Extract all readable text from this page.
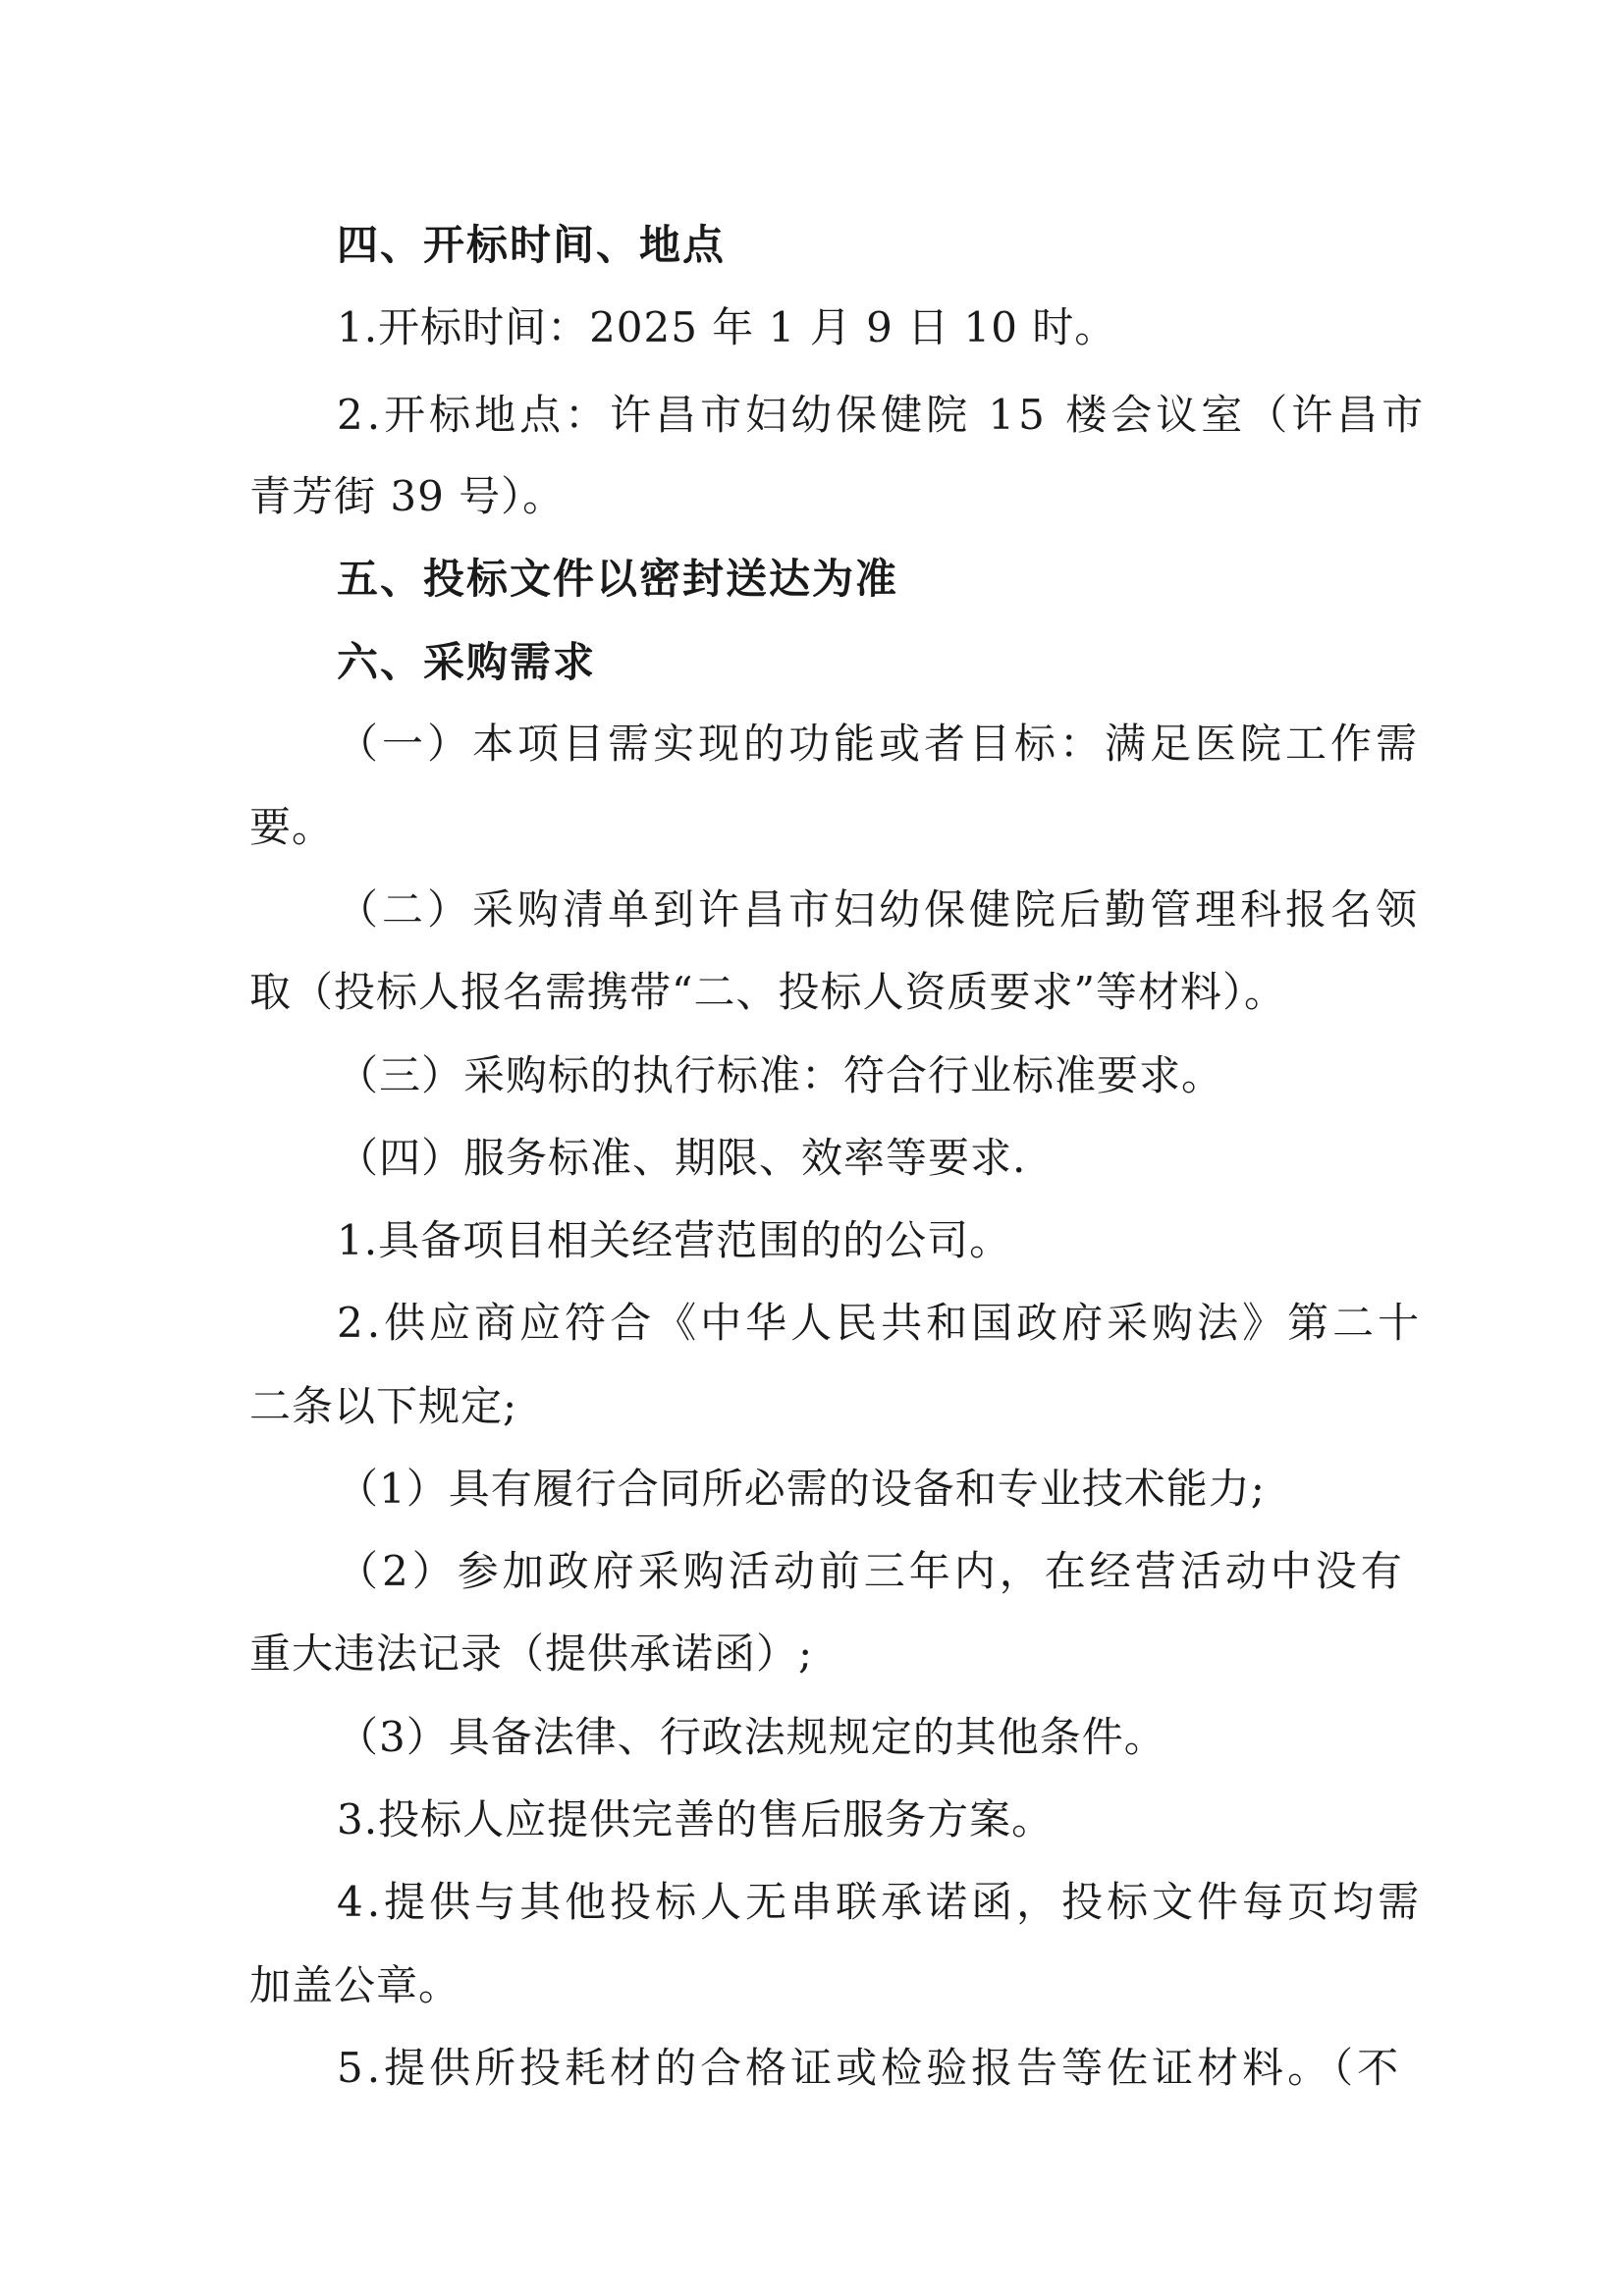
四、开标时间、地点
1.开标时间：2025 年 1 月 9 日 10 时。
2.开标地点：许昌市妇幼保健院 15 楼会议室（许昌市
青芳街 39 号）。
五、投标文件以密封送达为准
六、采购需求
（一）本项目需实现的功能或者目标：满足医院工作需
要。
（二）采购清单到许昌市妇幼保健院后勤管理科报名领
取（投标人报名需携带“二、投标人资质要求”等材料）。
（三）采购标的执行标准：符合行业标准要求。
（四）服务标准、期限、效率等要求.
1.具备项目相关经营范围的的公司。
2.供应商应符合《中华人民共和国政府采购法》第二十
二条以下规定;
（1）具有履行合同所必需的设备和专业技术能力;
（2）参加政府采购活动前三年内，在经营活动中没有
重大违法记录（提供承诺函）;
（3）具备法律、行政法规规定的其他条件。
3.投标人应提供完善的售后服务方案。
4.提供与其他投标人无串联承诺函，投标文件每页均需
加盖公章。
5.提供所投耗材的合格证或检验报告等佐证材料。（不
